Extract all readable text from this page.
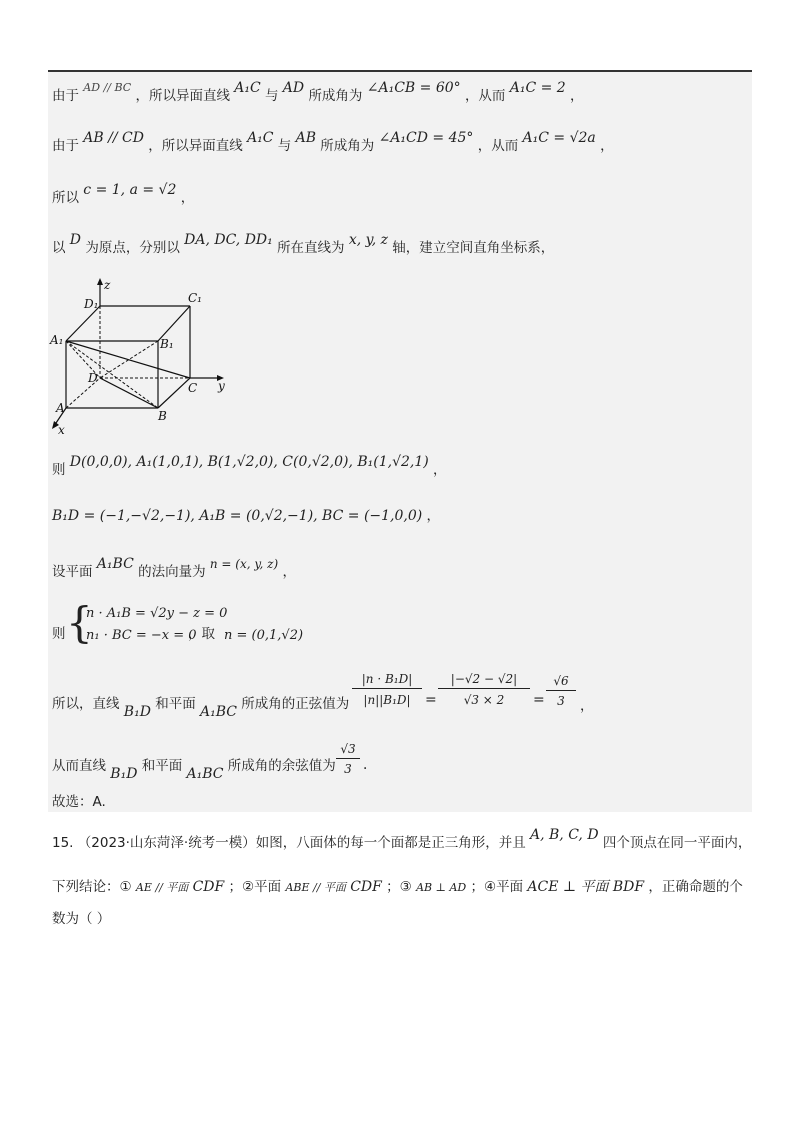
由于 $^{AD // BC}$ ，所以异面直线 A₁C 与 AD 所成角为 ∠A₁CB = 60° ，从而 A₁C = 2 ，
由于 AB // CD ，所以异面直线 A₁C 与 AB 所成角为 ∠A₁CD = 45° ，从而 A₁C = √2a ，
所以 c = 1, a = √2 ，
以 D 为原点，分别以 DA, DC, DD₁ 所在直线为 x, y, z 轴，建立空间直角坐标系，
z
D₁	C₁
A₁	B₁
D
C y
A
B
x
则 D(0,0,0), A₁(1,0,1), B(1,√2,0), C(0,√2,0), B₁(1,√2,1) ，
B₁D = (−1,−√2,−1), A₁B = (0,√2,−1), BC = (−1,0,0) ，
设平面 A₁BC 的法向量为 n = (x, y, z) ，
则 {
n · A₁B = √2y − z = 0
n₁ · BC = −x = 0
，取 n = (0,1,√2)
所以，直线 B₁D 和平面 A₁BC 所成角的正弦值为 $\frac{\text{|n · B₁D|}}{\text{|n||B₁D|}} = \frac{|-√2 - √2|}{√3 \times 2} = \frac{√6}{3}$ ，
从而直线 B₁D 和平面 A₁BC 所成角的余弦值为 $\frac{√3}{3}$ .
故选：A.
15. （2023·山东菏泽·统考一模）如图，八面体的每一个面都是正三角形，并且 A, B, C, D 四个顶点在同一平面内，
下列结论：① AE // 平面 CDF ；②平面 ABE // 平面 CDF ；③ AB ⊥ AD ；④平面 ACE ⊥ 平面 BDF ，正确命题的个
数为（ ）
